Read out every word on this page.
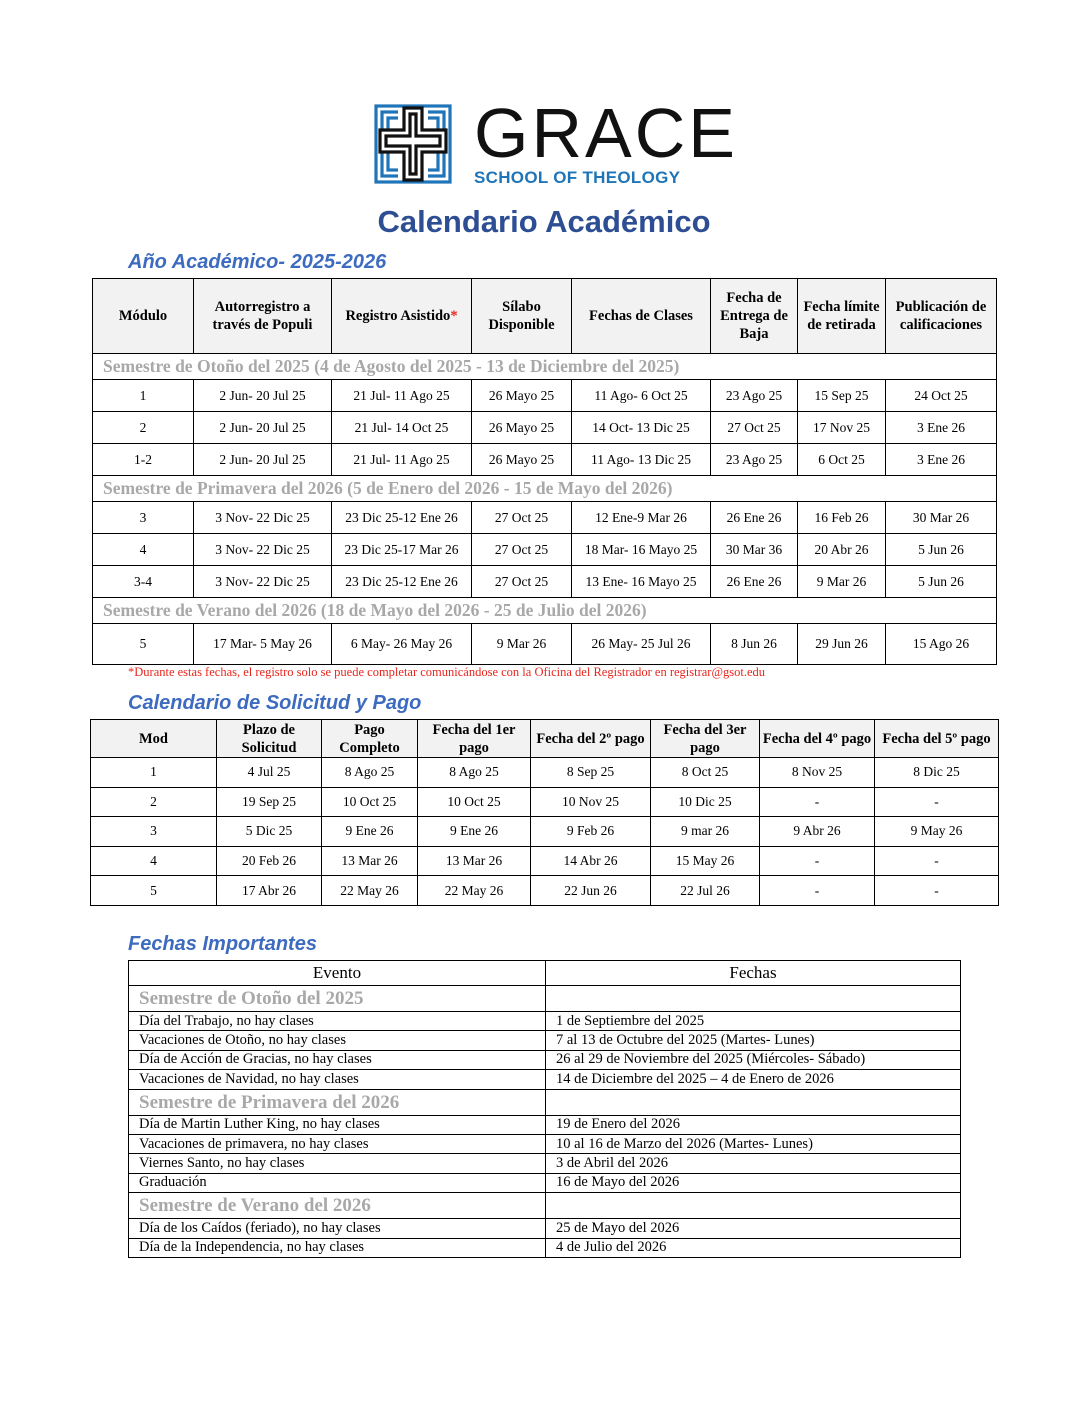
GRACE
SCHOOL OF THEOLOGY
Calendario Académico
Año Académico- 2025-2026
Módulo	Autorregistro a través de Populi	Registro Asistido*	Sílabo Disponible	Fechas de Clases	Fecha de Entrega de Baja	Fecha límite de retirada	Publicación de calificaciones
Semestre de Otoño del 2025 (4 de Agosto del 2025 - 13 de Diciembre del 2025)							
1	2 Jun- 20 Jul 25	21 Jul- 11 Ago 25	26 Mayo 25	11 Ago- 6 Oct 25	23 Ago 25	15 Sep 25	24 Oct 25
2	2 Jun- 20 Jul 25	21 Jul- 14 Oct 25	26 Mayo 25	14 Oct- 13 Dic 25	27 Oct 25	17 Nov 25	3 Ene 26
1-2	2 Jun- 20 Jul 25	21 Jul- 11 Ago 25	26 Mayo 25	11 Ago- 13 Dic 25	23 Ago 25	6 Oct 25	3 Ene 26
Semestre de Primavera del 2026 (5 de Enero del 2026 - 15 de Mayo del 2026)							
3	3 Nov- 22 Dic 25	23 Dic 25-12 Ene 26	27 Oct 25	12 Ene-9 Mar 26	26 Ene 26	16 Feb 26	30 Mar 26
4	3 Nov- 22 Dic 25	23 Dic 25-17 Mar 26	27 Oct 25	18 Mar- 16 Mayo 25	30 Mar 36	20 Abr 26	5 Jun 26
3-4	3 Nov- 22 Dic 25	23 Dic 25-12 Ene 26	27 Oct 25	13 Ene- 16 Mayo 25	26 Ene 26	9 Mar 26	5 Jun 26
Semestre de Verano del 2026 (18 de Mayo del 2026 - 25 de Julio del 2026)							
5	17 Mar- 5 May 26	6 May- 26 May 26	9 Mar 26	26 May- 25 Jul 26	8 Jun 26	29 Jun 26	15 Ago 26
*Durante estas fechas, el registro solo se puede completar comunicándose con la Oficina del Registrador en registrar@gsot.edu
Calendario de Solicitud y Pago
Mod	Plazo de Solicitud	Pago Completo	Fecha del 1er pago	Fecha del 2º pago	Fecha del 3er pago	Fecha del 4º pago	Fecha del 5º pago
1	4 Jul 25	8 Ago 25	8 Ago 25	8 Sep 25	8 Oct 25	8 Nov 25	8 Dic 25
2	19 Sep 25	10 Oct 25	10 Oct 25	10 Nov 25	10 Dic 25	-	-
3	5 Dic 25	9 Ene 26	9 Ene 26	9 Feb 26	9 mar 26	9 Abr 26	9 May 26
4	20 Feb 26	13 Mar 26	13 Mar 26	14 Abr 26	15 May 26	-	-
5	17 Abr 26	22 May 26	22 May 26	22 Jun 26	22 Jul 26	-	-
Fechas Importantes
Evento	Fechas
Semestre de Otoño del 2025	
Día del Trabajo, no hay clases	1 de Septiembre del 2025
Vacaciones de Otoño, no hay clases	7 al 13 de Octubre del 2025 (Martes- Lunes)
Día de Acción de Gracias, no hay clases	26 al 29 de Noviembre del 2025 (Miércoles- Sábado)
Vacaciones de Navidad, no hay clases	14 de Diciembre del 2025 – 4 de Enero de 2026
Semestre de Primavera del 2026	
Día de Martin Luther King, no hay clases	19 de Enero del 2026
Vacaciones de primavera, no hay clases	10 al 16 de Marzo del 2026 (Martes- Lunes)
Viernes Santo, no hay clases	3 de Abril del 2026
Graduación	16 de Mayo del 2026
Semestre de Verano del 2026	
Día de los Caídos (feriado), no hay clases	25 de Mayo del 2026
Día de la Independencia, no hay clases	4 de Julio del 2026
